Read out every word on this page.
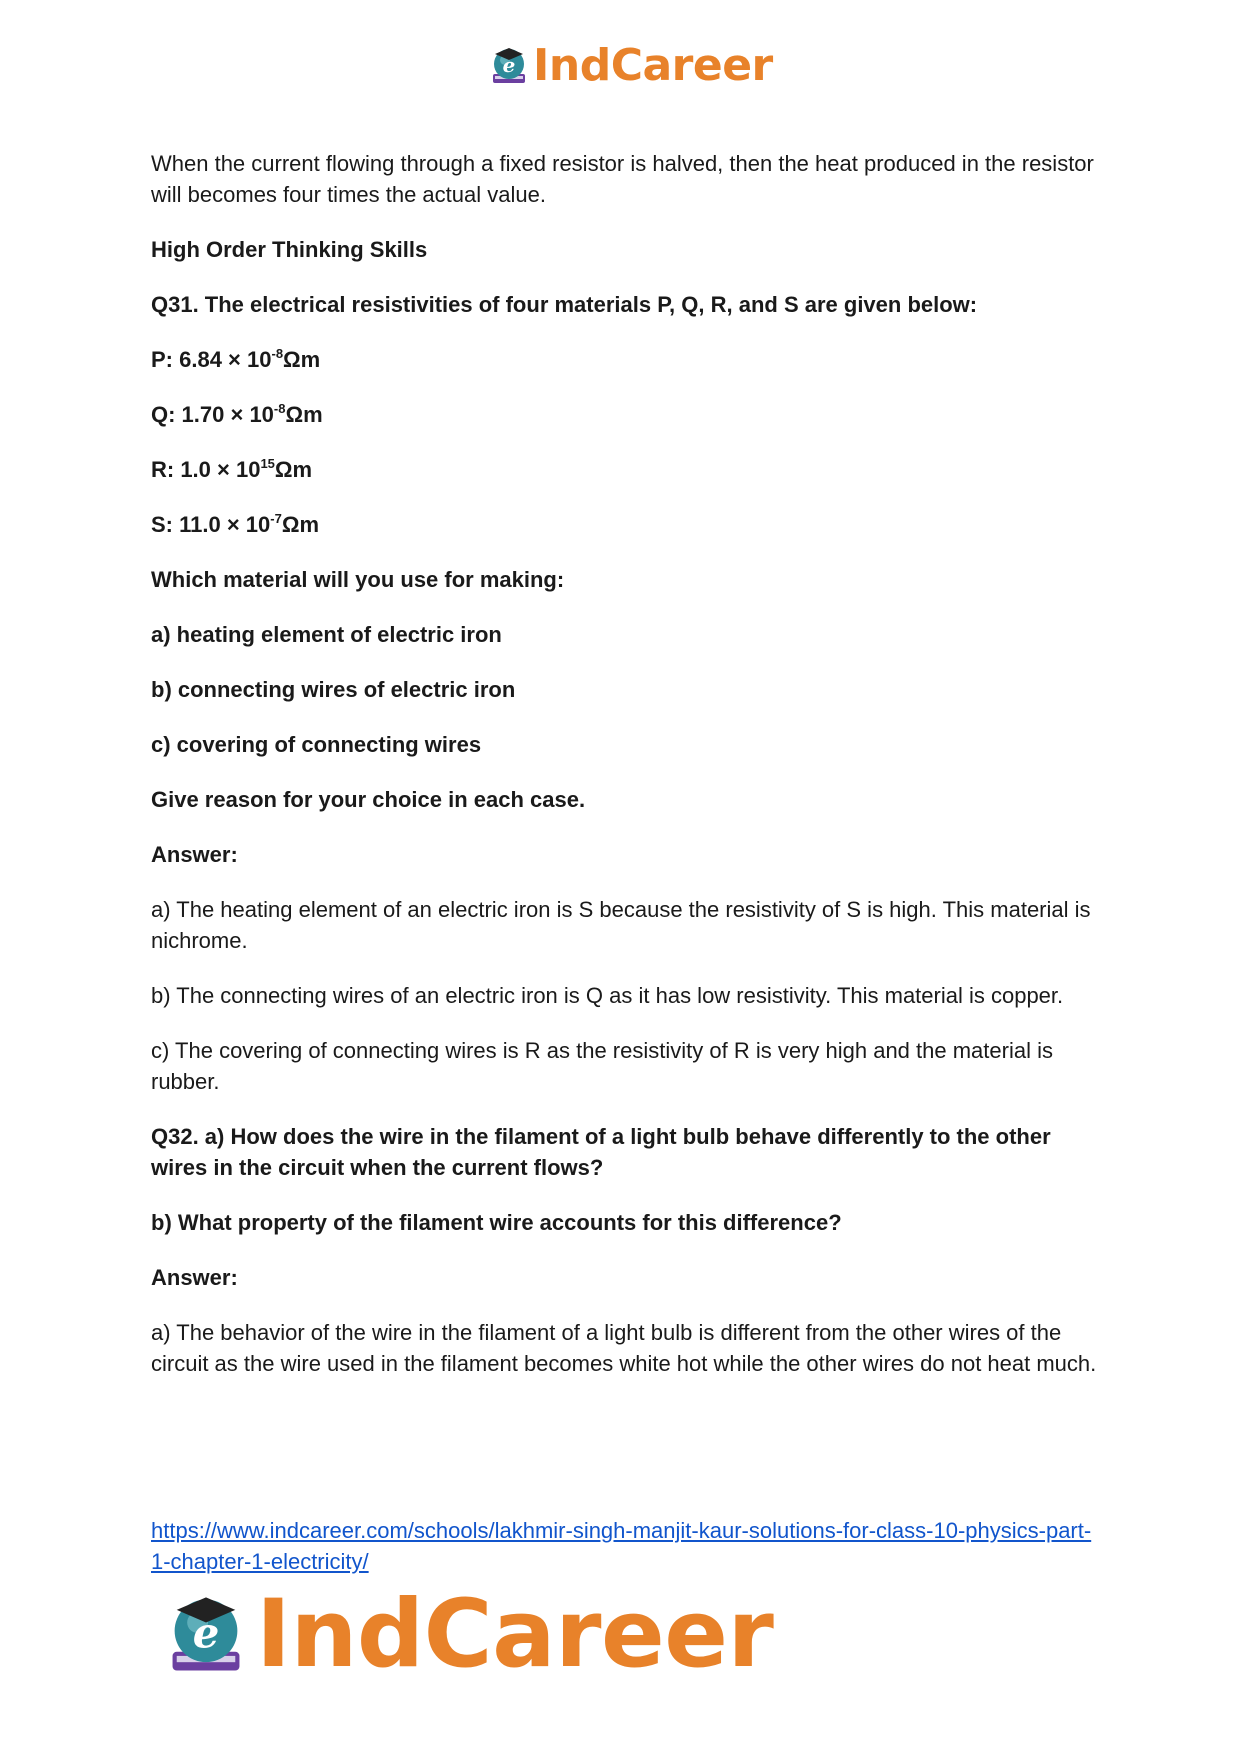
e IndCareer

When the current flowing through a fixed resistor is halved, then the heat produced in the resistor will becomes four times the actual value.

High Order Thinking Skills

Q31. The electrical resistivities of four materials P, Q, R, and S are given below:

P: $6.84 \times 10^{-8}\Omega m$

Q: $1.70 \times 10^{-8}\Omega m$

R: $1.0 \times 10^{15}\Omega m$

S: $11.0 \times 10^{-7}\Omega m$

Which material will you use for making:

a) heating element of electric iron

b) connecting wires of electric iron

c) covering of connecting wires

Give reason for your choice in each case.

Answer:

a) The heating element of an electric iron is S because the resistivity of S is high. This material is nichrome.

b) The connecting wires of an electric iron is Q as it has low resistivity. This material is copper.

c) The covering of connecting wires is R as the resistivity of R is very high and the material is rubber.

Q32. a) How does the wire in the filament of a light bulb behave differently to the other wires in the circuit when the current flows?

b) What property of the filament wire accounts for this difference?

Answer:

a) The behavior of the wire in the filament of a light bulb is different from the other wires of the circuit as the wire used in the filament becomes white hot while the other wires do not heat much.

https://www.indcareer.com/schools/lakhmir-singh-manjit-kaur-solutions-for-class-10-physics-part-1-chapter-1-electricity/
e IndCareer
